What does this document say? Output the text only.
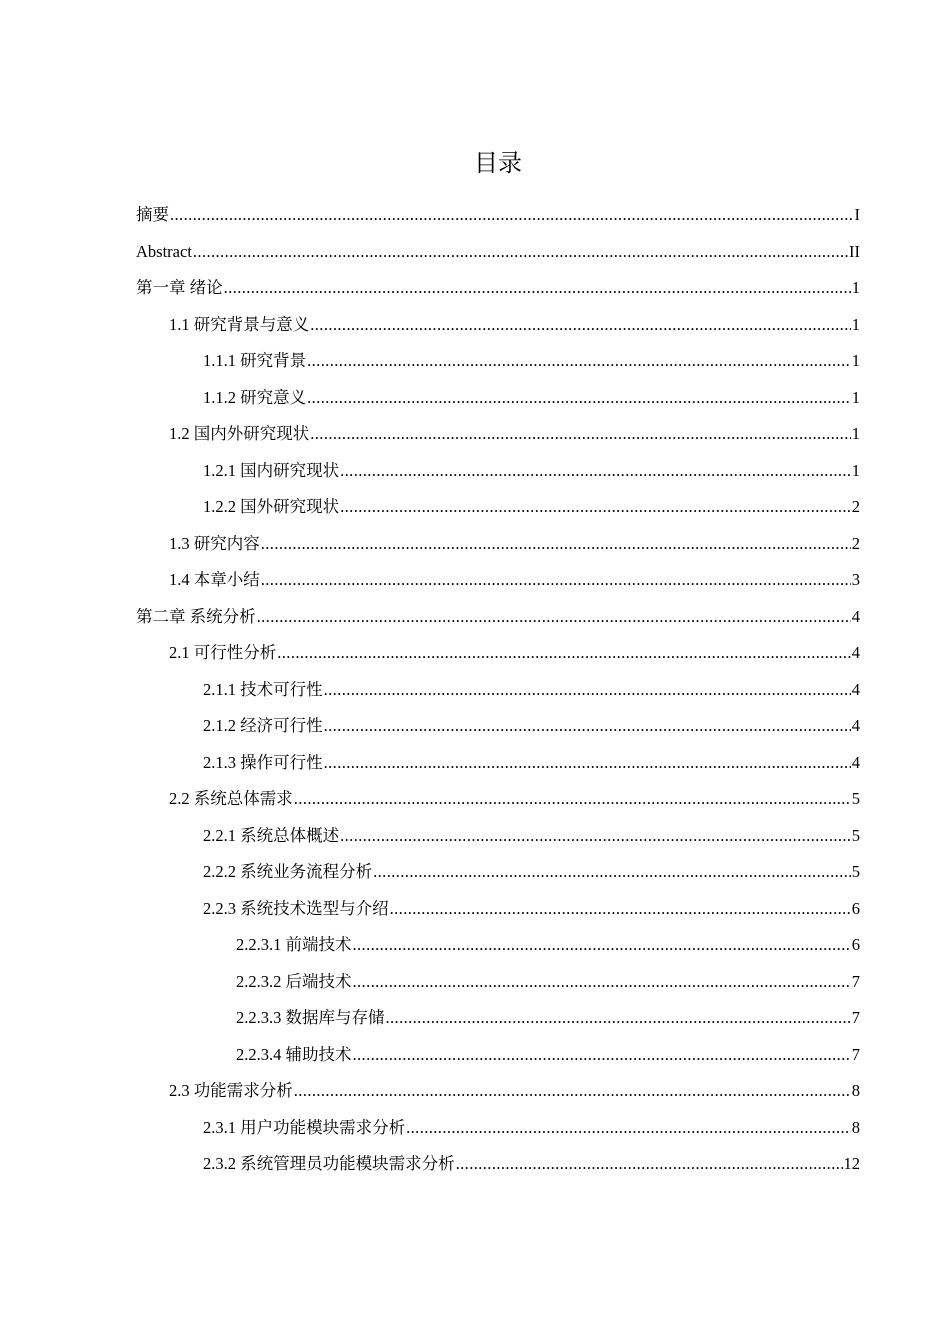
目录
摘要 .....	I
Abstract .....	II
第一章 绪论 .....	1
1.1 研究背景与意义 .....	1
1.1.1 研究背景 .....	1
1.1.2 研究意义 .....	1
1.2 国内外研究现状 .....	1
1.2.1 国内研究现状 .....	1
1.2.2 国外研究现状 .....	2
1.3 研究内容 .....	2
1.4 本章小结 .....	3
第二章 系统分析 .....	4
2.1 可行性分析 .....	4
2.1.1 技术可行性 .....	4
2.1.2 经济可行性 .....	4
2.1.3 操作可行性 .....	4
2.2 系统总体需求 .....	5
2.2.1 系统总体概述 .....	5
2.2.2 系统业务流程分析 .....	5
2.2.3 系统技术选型与介绍 .....	6
2.2.3.1 前端技术 .....	6
2.2.3.2 后端技术 .....	7
2.2.3.3 数据库与存储 .....	7
2.2.3.4 辅助技术 .....	7
2.3 功能需求分析 .....	8
2.3.1 用户功能模块需求分析 .....	8
2.3.2 系统管理员功能模块需求分析 .....	12
